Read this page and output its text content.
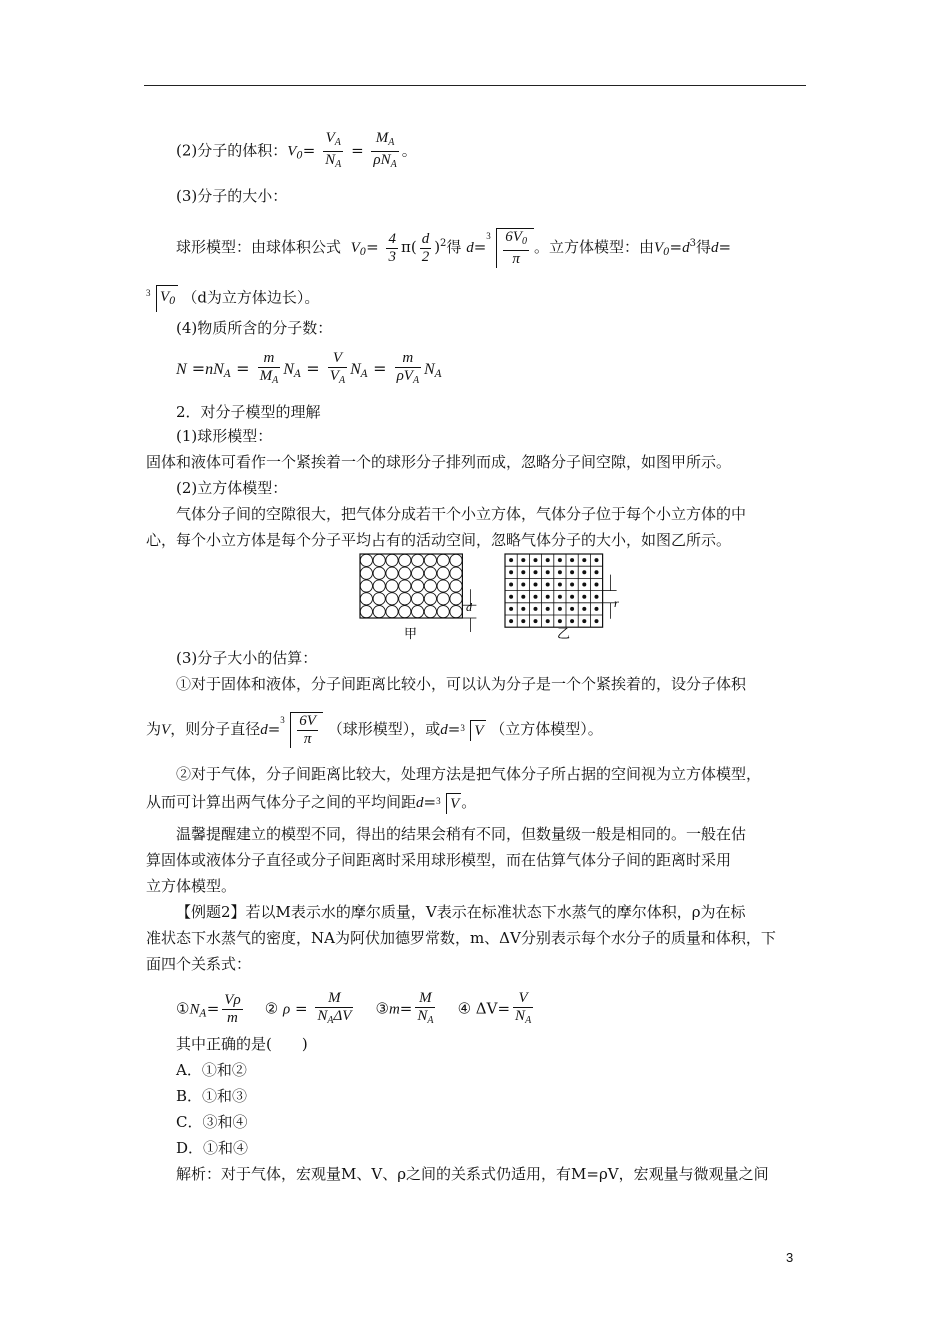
(2)分子的体积：$V_0= \frac{V_A}{N_A} = \frac{M_A}{\rho N_A}$ 。
(3)分子的大小：
球形模型：由球体积公式 $V_0= \frac{4}{3} \pi( \frac{d}{2} )^2$得 d=
$3 \frac{6V_0}{\pi}$ 。立方体模型：由$V_0=d^3$得d=
3 $V_0$ （d为立方体边长）。
(4)物质所含的分子数：
$N =nN_A = \frac{m}{M_A} N_A = \frac{V}{V_A} N_A = \frac{m}{\rho V_A} N_A$
2．对分子模型的理解
(1)球形模型：
固体和液体可看作一个紧挨着一个的球形分子排列而成，忽略分子间空隙，如图甲所示。
(2)立方体模型：
气体分子间的空隙很大，把气体分成若干个小立方体，气体分子位于每个小立方体的中
心，每个小立方体是每个分子平均占有的活动空间，忽略气体分子的大小，如图乙所示。
甲	乙
d	r
(3)分子大小的估算：
①对于固体和液体，分子间距离比较小，可以认为分子是一个个紧挨着的，设分子体积
为V，则分子直径$d= 3 \frac{6V}{\pi}$ （球形模型），或d= 3 V （立方体模型）。
②对于气体，分子间距离比较大，处理方法是把气体分子所占据的空间视为立方体模型，
从而可计算出两气体分子之间的平均间距d= 3 V 。
温馨提醒建立的模型不同，得出的结果会稍有不同，但数量级一般是相同的。一般在估
算固体或液体分子直径或分子间距离时采用球形模型，而在估算气体分子间的距离时采用
立方体模型。
【例题2】若以M表示水的摩尔质量，V表示在标准状态下水蒸气的摩尔体积，ρ为在标
准状态下水蒸气的密度，NA为阿伏加德罗常数，m、ΔV分别表示每个水分子的质量和体积，下
面四个关系式：
$①N_A= \frac{V\rho}{m}$ ② $\rho = \frac{M}{N_A\Delta V}$ ③m= $\frac{M}{N_A}$ ④ $\Delta V= \frac{V}{N_A}$
其中正确的是(　　)
A．①和②
B．①和③
C．③和④
D．①和④
解析：对于气体，宏观量M、V、ρ之间的关系式仍适用，有M=ρV，宏观量与微观量之间
3
